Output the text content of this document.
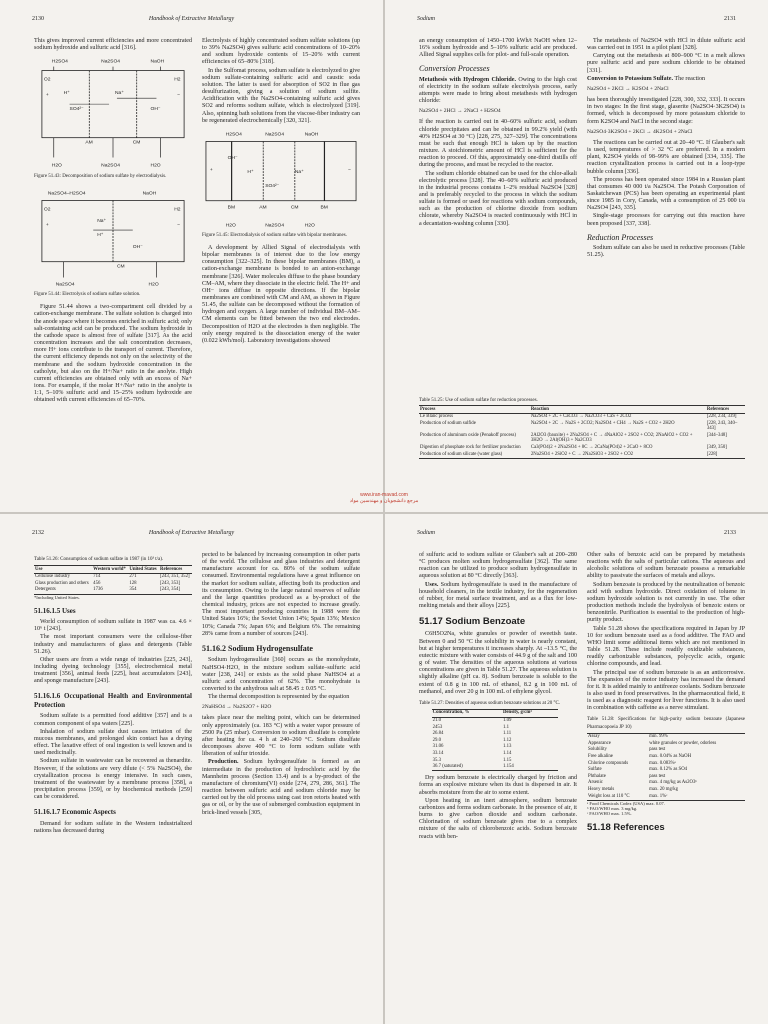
2130	Handbook of Extractive Metallurgy

This gives improved current efficiencies and more concentrated sodium hydroxide and sulfuric acid [316].

H2SO4	Na2SO4	NaOH
O2	H2
+	−
SO4²⁻
Na⁺
H⁺
OH⁻
AM	CM
H2O	Na2SO4	H2O
Figure 51.43: Decomposition of sodium sulfate by electrodialysis.
Na2SO4–H2SO4	NaOH
O2	H2
+	−
Na⁺
H⁺
OH⁻
CM
Na2SO4	H2O
Figure 51.44: Electrolysis of sodium sulfate solution.

Figure 51.44 shows a two-compartment cell divided by a cation-exchange membrane. The sulfate solution is charged into the anode space where it becomes enriched in sulfuric acid; only salt-containing acid can be produced. The sodium hydroxide in the cathode space is almost free of sulfate [317]. As the acid concentration increases and the salt concentration decreases, more H+ ions contribute to the transport of current. Therefore, the current efficiency depends not only on the selectivity of the membrane and the sodium hydroxide concentration in the catholyte, but also on the H+/Na+ ratio in the anolyte. High current efficiencies are obtained only with an excess of Na+ ions. For example, if the molar H+/Na+ ratio in the anolyte is 1:1, 5–10% sulfuric acid and 15–25% sodium hydroxide are obtained with current efficiencies of 65–70%.

Electrolysis of highly concentrated sodium sulfate solutions (up to 39% Na2SO4) gives sulfuric acid concentrations of 10–20% and sodium hydroxide contents of 15–20% with current efficiencies of 65–80% [318].

In the Sulfomat process, sodium sulfate is electrolyzed to give sodium sulfate-containing sulfuric acid and caustic soda solution. The latter is used for absorption of SO2 in flue gas desulfurization, giving a solution of sodium sulfite. Acidification with the Na2SO4-containing sulfuric acid gives SO2 and reforms sodium sulfate, which is electrolyzed [319]. Also, spinning bath solutions from the viscose-fiber industry can be regenerated electrochemically [320, 321].

H2SO4	Na2SO4	NaOH
+	−
OH⁻
H⁺
SO4²⁻
Na⁺
BM	AM	CM	BM
H2O	Na2SO4	H2O
Figure 51.45: Electrodialysis of sodium sulfate with bipolar membranes.

A development by Allied Signal of electrodialysis with bipolar membranes is of interest due to the low energy consumption [322–325]. In these bipolar membranes (BM), a cation-exchange membrane is bonded to an anion-exchange membrane [326]. Water molecules diffuse to the phase boundary CM–AM, where they dissociate in the electric field. The H+ and OH− ions diffuse in opposite directions. If the bipolar membranes are combined with CM and AM, as shown in Figure 51.45, the sulfate can be decomposed without the formation of hydrogen and oxygen. A large number of individual BM–AM–CM elements can be fitted between the two end electrodes. Decomposition of H2O at the electrodes is then negligible. The only energy required is the dissociation energy of the water (0.022 kWh/mol). Laboratory investigations showed

Sodium	2131

an energy consumption of 1450–1700 kWh/t NaOH when 12–16% sodium hydroxide and 5–10% sulfuric acid are produced. Allied Signal supplies cells for pilot- and full-scale operation.

Conversion Processes

Metathesis with Hydrogen Chloride. Owing to the high cost of electricity in the sodium sulfate electrolysis process, early attempts were made to bring about metathesis with hydrogen chloride:

Na2SO4 + 2HCl → 2NaCl + H2SO4

If the reaction is carried out in 40–60% sulfuric acid, sodium chloride precipitates and can be obtained in 99.2% yield (with 40% H2SO4 at 30 °C) [228, 275, 327–329]. The concentrations must be such that enough HCl is taken up by the reaction mixture. A stoichiometric amount of HCl is sufficient for the reaction to proceed. Of this, approximately one-third distills off during the process, and must be recycled to the reactor.

The sodium chloride obtained can be used for the chlor-alkali electrolytic process [328]. The 40–60% sulfuric acid produced in the industrial process contains 1–2% residual Na2SO4 [328] and is preferably recycled to the process in which the sodium sulfate is formed or used for reactions with sodium compounds, such as the production of chlorine dioxide from sodium chlorate, whereby Na2SO4 is reacted continuously with HCl in a decantation-washing column [330].

The metathesis of Na2SO4 with HCl in dilute sulfuric acid was carried out in 1951 in a pilot plant [328].

Carrying out the metathesis at 800–900 °C in a melt allows pure sulfuric acid and pure sodium chloride to be obtained [331].

Conversion to Potassium Sulfate. The reaction

Na2SO4 + 2KCl → K2SO4 + 2NaCl

has been thoroughly investigated [228, 300, 332, 333]. It occurs in two stages: In the first stage, glaserite (Na2SO4·3K2SO4) is formed, which is decomposed by more potassium chloride to form K2SO4 and NaCl in the second stage:

Na2SO4·3K2SO4 + 2KCl → 4K2SO4 + 2NaCl

The reactions can be carried out at 20–40 °C. If Glauber's salt is used, temperatures of > 32 °C are preferred. In a modern plant, K2SO4 yields of 98–99% are obtained [334, 335]. The reaction crystallization process is carried out in a loop-type bubble column [336].

The process has been operated since 1984 in a Russian plant that consumes 40 000 t/a Na2SO4. The Potash Corporation of Saskatchewan (PCS) has been operating an experimental plant since 1985 in Cory, Canada, with a consumption of 25 000 t/a Na2SO4 [243, 335].

Single-stage processes for carrying out this reaction have been proposed [337, 338].

Reduction Processes

Sodium sulfate can also be used in reductive processes (Table 51.25).

Table 51.25: Use of sodium sulfate for reduction processes.
Process	Reaction	References
Le Blanc process	Na2SO4 + 2C + CaCO3 → Na2CO3 + CaS + 2CO2	[228, 234, 339]
Production of sodium sulfide	Na2SO4 + 2C → Na2S + 2CO2; Na2SO4 + CH4 → Na2S + CO2 + 2H2O	[228, 243, 340–343]
Production of aluminum oxide (Penakoff process)	2Al2O3 (bauxite) + 2Na2SO4 + C → 4NaAlO2 + 2SO2 + CO2; 2NaAlO2 + CO2 + 3H2O → 2Al(OH)3 + Na2CO3	[344–348]
Digestion of phosphate rock for fertilizer production	Ca3(PO4)2 + 2Na2SO4 + 8C → 2CaNa(PO4)2 + 2CaO + 8CO	[349, 350]
Production of sodium silicate (water glass)	2Na2SO4 + 2SiO2 + C → 2Na2SiO3 + 2SO2 + CO2	[228]
www.iran-mavad.com
مرجع دانشجویان و مهندسین مواد
2132	Handbook of Extractive Metallurgy
Table 51.26: Consumption of sodium sulfate in 1987 (in 10³ t/a).
Use	Western world*	United States	References
Cellulose industry	714	271	[243, 351, 352]
Glass production and others	456	128	[243, 353]
Detergents	1736	354	[243, 354]
*Including United States.
51.16.1.5 Uses

World consumption of sodium sulfate in 1987 was ca. 4.6 × 10⁶ t [243].

The most important consumers were the cellulose-fiber industry and manufacturers of glass and detergents (Table 51.26).

Other users are from a wide range of industries [225, 243], including dyeing technology [355], electrochemical metal treatment [356], animal feeds [225], heat accumulators [243], and sponge manufacture [243].

51.16.1.6 Occupational Health and Environmental Protection

Sodium sulfate is a permitted food additive [357] and is a common component of spa waters [225].

Inhalation of sodium sulfate dust causes irritation of the mucous membranes, and prolonged skin contact has a drying effect. The laxative effect of oral ingestion is well known and is used medicinally.

Sodium sulfate in wastewater can be recovered as thenardite. However, if the solutions are very dilute (< 5% Na2SO4), the crystallization process is energy intensive. In such cases, treatment of the wastewater by a membrane process [358], a precipitation process [359], or by biochemical methods [259] can be considered.

51.16.1.7 Economic Aspects

Demand for sodium sulfate in the Western industrialized nations has decreased during

pected to be balanced by increasing consumption in other parts of the world. The cellulose and glass industries and detergent manufacture account for ca. 80% of the sodium sulfate consumed. Environmental regulations have a great influence on the market for sodium sulfate, affecting both its production and its consumption. Owing to the large natural reserves of sulfate and the large quantities produced as a by-product of the chemical industry, prices are not expected to increase greatly. The most important producing countries in 1988 were the United States 16%; the Soviet Union 14%; Spain 13%; Mexico 10%; Canada 7%; Japan 6%; and Belgium 6%. The remaining 28% came from a number of sources [243].

51.16.2 Sodium Hydrogensulfate

Sodium hydrogensulfate [360] occurs as the monohydrate, NaHSO4·H2O, in the mixture sodium sulfate–sulfuric acid water [238, 241] or exists as the solid phase NaHSO4 at a sulfuric acid concentration of 62%. The monohydrate is converted to the anhydrous salt at 58.45 ± 0.05 °C.

The thermal decomposition is represented by the equation

2NaHSO4 → Na2S2O7 + H2O

takes place near the melting point, which can be determined only approximately (ca. 183 °C) with a water vapor pressure of 2500 Pa (25 mbar). Conversion to sodium disulfate is complete after heating for ca. 4 h at 240–260 °C. Sodium disulfate decomposes above 400 °C to form sodium sulfate with liberation of sulfur trioxide.

Production. Sodium hydrogensulfate is formed as an intermediate in the production of hydrochloric acid by the Mannheim process (Section 13.4) and is a by-product of the manufacture of chromium(VI) oxide [274, 279, 286, 361]. The reaction between sulfuric acid and sodium chloride may be carried out by the old process using cast iron retorts heated with gas or oil, or by the use of submerged combustion equipment in brick-lined vessels [305,

Sodium	2133

of sulfuric acid to sodium sulfate or Glauber's salt at 200–280 °C produces molten sodium hydrogensulfate [362]. The same reaction can be utilized to produce sodium hydrogensulfate in aqueous solution at 80 °C directly [363].

Uses. Sodium hydrogensulfate is used in the manufacture of household cleaners, in the textile industry, for the regeneration of rubber, for metal surface treatment, and as a flux for low-melting metals and their alloys [225].

51.17 Sodium Benzoate

C6H5O2Na, white granules or powder of sweetish taste. Between 0 and 50 °C the solubility in water is nearly constant, but at higher temperatures it increases sharply. At –13.5 °C, the eutectic mixture with water consists of 44.9 g of the salt and 100 g of water. The densities of the aqueous solutions at various concentrations are given in Table 51.27. The aqueous solution is slightly alkaline (pH ca. 8). Sodium benzoate is soluble to the extent of 0.8 g in 100 mL of ethanol, 8.2 g in 100 mL of methanol, and over 20 g in 100 mL of ethylene glycol.

Table 51.27: Densities of aqueous sodium benzoate solutions at 20 °C.
Concentration, %	Density, g/cm³
21.0	1.09
2453	1.1
26.84	1.11
29.0	1.12
31.06	1.13
33.14	1.14
35.3	1.15
36.7 (saturated)	1.154

Dry sodium benzoate is electrically charged by friction and forms an explosive mixture when its dust is dispersed in air. It absorbs moisture from the air to some extent.

Upon heating in an inert atmosphere, sodium benzoate carbonizes and forms sodium carbonate. In the presence of air, it burns to give carbon dioxide and sodium carbonate. Chlorination of sodium benzoate gives rise to a complex mixture of the salts of chlorobenzoic acids. Sodium benzoate reacts with ben-

Other salts of benzoic acid can be prepared by metathesis reactions with the salts of particular cations. The aqueous and alcoholic solutions of sodium benzoate possess a remarkable ability to passivate the surfaces of metals and alloys.

Sodium benzoate is produced by the neutralization of benzoic acid with sodium hydroxide. Direct oxidation of toluene in sodium hydroxide solution is not currently in use. The other production methods include the hydrolysis of benzoic esters or benzonitrile. Purification is essential to the production of high-purity product.

Table 51.28 shows the specifications required in Japan by JP 10 for sodium benzoate used as a food additive. The FAO and WHO limit some additional items which are not mentioned in Table 51.28. These include readily oxidizable substances, readily carbonizable substances, polycyclic acids, organic chlorine compounds, and lead.

The principal use of sodium benzoate is as an anticorrosive. The expansion of the motor industry has increased the demand for it. It is added mainly to antifreeze coolants. Sodium benzoate is also used in food preservatives. In the pharmaceutical field, it is used as a diagnostic reagent for liver functions. It is also used in combination with caffeine as a nerve stimulant.

Table 51.28: Specifications for high-purity sodium benzoate (Japanese Pharmacopoeia JP 10)
Assay	min. 99%
Appearance	white granules or powder, odorless
Solubility	pass test
Free alkaline	max. 0.04% as NaOH
Chlorine compounds	max. 0.083%ᵃ
Sulfate	max. 0.12% as SO4
Phthalate	pass test
Arsenic	max. 4 mg/kg as As2O3ᵇ
Heavy metals	max. 20 mg/kg
Weight loss at 110 °C	max. 1%ᶜ
ᵃ Food Chemicals Codex (USA) max. 0.07.
ᵇ FAO/WHO max. 3 mg/kg.
ᶜ FAO/WHO max. 1.5%.
51.18 References
